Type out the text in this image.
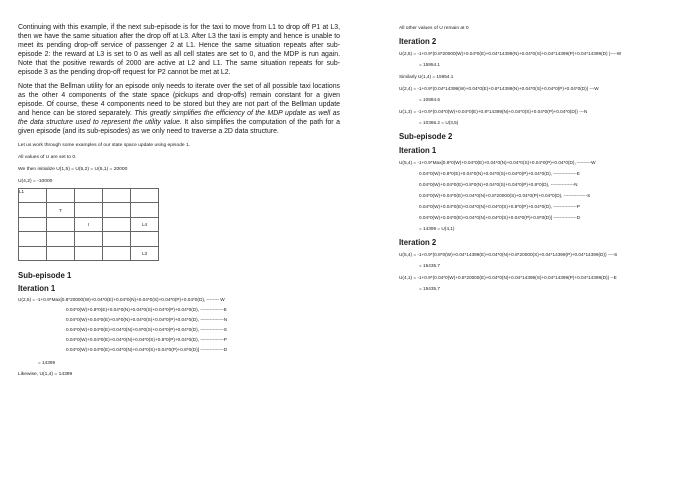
Continuing with this example, if the next sub-episode is for the taxi to move from L1 to drop off P1 at L3, then we have the same situation after the drop off at L3. After L3 the taxi is empty and hence is unable to meet its pending drop-off service of passenger 2 at L1. Hence the same situation repeats after sub-episode 2: the reward at L3 is set to 0 as well as all cell states are set to 0, and the MDP is run again. Note that the positive rewards of 2000 are active at L2 and L1. The same situation repeats for sub-episode 3 as the pending drop-off request for P2 cannot be met at L2.

Note that the Bellman utility for an episode only needs to iterate over the set of all possible taxi locations as the other 4 components of the state space (pickups and drop-offs) remain constant for a given episode. Of course, these 4 components need to be stored but they are not part of the Bellman update and hence can be stored separately. This greatly simplifies the efficiency of the MDP update as well as the data structure used to represent the utility value. It also simplifies the computation of the path for a given episode (and its sub-episodes) as we only need to traverse a 2D data structure.

Let us work through some examples of our state space update using episode 1.

All values of U are set to 0.

We then initialize U(1,5) = U(5,2) = U(5,1) = 20000

U(4,2) = -10000

L1				
	T			
		I		L4

				L3

Sub-episode 1

Iteration 1

U(2,5) = -1+0.9*Max[0.8*20000(W)+0.04*0(E)+0.04*0(N)+0.04*0(S)+0.04*0(P)+0.04*0(D), -------- W

0.04*0(W)+0.8*0(E)+0.04*0(N)+0.04*0(S)+0.04*0(P)+0.04*0(D), ---------------E

0.04*0(W)+0.04*0(E)+0.8*0(N)+0.04*0(S)+0.04*0(P)+0.04*0(D), ---------------N

0.04*0(W)+0.04*0(E)+0.04*0(N)+0.8*0(S)+0.04*0(P)+0.04*0(D), ---------------S

0.04*0(W)+0.04*0(E)+0.04*0(N)+0.04*0(S)+0.8*0(P)+0.04*0(D), ---------------P

0.04*0(W)+0.04*0(E)+0.04*0(N)+0.04*0(S)+0.04*0(P)+0.8*0(D)] ---------------D

= 14399

Likewise, U(1,4) = 14399

All other values of U remain at 0

Iteration 2

U(2,5) = -1+0.9*(0.8*20000(W)+0.04*0(E)+0.04*14399(N)+0.04*0(S)+0.04*14399(P)+0.04*14399(D) )----W

= 15954.1

Similarly U(1,4) = 15954.1

U(2,4) = -1+0.9*(0.04*14399(W)+0.04*0(E)+0.8*14399(N)+0.04*0(S)+0.04*0(P)+0.04*0(D)) ---W

= 10884.6

U(1,3) = -1+0.9*(0.04*0(W)+0.04*0(E)+0.8*14399(N)+0.04*0(S)+0.04*0(P)+0.04*0(D)) ---N

= 10366.2 = U(3,5)

Sub-episode 2

Iteration 1

U(5,4) = -1+0.9*Max[0.8*0(W)+0.04*0(E)+0.04*0(N)+0.04*0(S)+0.04*0(P)+0.04*0(D), ---------W

0.04*0(W)+0.8*0(E)+0.04*0(N)+0.04*0(S)+0.04*0(P)+0.04*0(D), ---------------E

0.04*0(W)+0.04*0(E)+0.8*0(N)+0.04*0(S)+0.04*0(P)+0.8*0(D), ---------------N

0.04*0(W)+0.04*0(E)+0.04*0(N)+0.8*20000(S)+0.04*0(P)+0.04*0(D), ---------------S

0.04*0(W)+0.04*0(E)+0.04*0(N)+0.04*0(S)+0.8*0(P)+0.04*0(D), ---------------P

0.04*0(W)+0.04*0(E)+0.04*0(N)+0.04*0(S)+0.04*0(P)+0.8*0(D)] ---------------D

= 14399 = U(4,1)

Iteration 2

U(5,4) = -1+0.9*(0.8*0(W)+0.04*14399(E)+0.04*0(N)+0.8*20000(S)+0.04*14399(P)+0.04*14399(D)) ----S

= 15435.7

U(4,1) = -1+0.9*(0.04*0(W)+0.8*20000(E)+0.04*0(N)+0.04*14399(S)+0.04*14399(P)+0.04*14399(D)) --E

= 15435.7
